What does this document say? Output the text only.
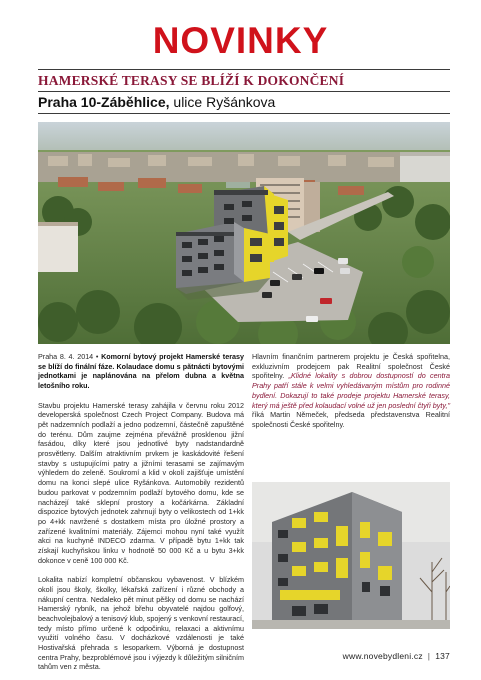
NOVINKY
HAMERSKÉ TERASY SE BLÍŽÍ K DOKONČENÍ
Praha 10-Záběhlice, ulice Ryšánkova

Praha 8. 4. 2014 • Komorní bytový projekt Hamerské terasy se blíží do finální fáze. Kolaudace domu s pătnácti bytovými jednotkami je naplánována na přelom dubna a května letošního roku.

Stavbu projektu Hamerské terasy zahájila v červnu roku 2012 developerská společnost Czech Project Company. Budova má pět nadzemních podlaží a jedno podzemní, částečně zapuštěné do terénu. Dům zaujme zejména převážně prosklenou jižní fasádou, díky které jsou jednotlivé byty nadstandardně prosvětleny. Dalším atraktivním prvkem je kaskádovité řešení stavby s ustupujícími patry a jižními terasami se zajímavým výhledem do zeleně. Soukromí a klid v okolí zajišťuje umístění domu na konci slepé ulice Ryšánkova. Automobily rezidentů budou parkovat v podzemním podlaží bytového domu, kde se nacházejí také sklepní prostory a kočárkárna. Základní dispozice bytových jednotek zahrnují byty o velikostech od 1+kk po 4+kk navržené s dostatkem místa pro úložné prostory a zařízené kvalitními materiály. Zájemci mohou nyní také využít akci na kuchyně INDECO zdarma. V případě bytu 1+kk tak získají kuchyňskou linku v hodnotě 50 000 Kč a u bytu 3+kk dokonce v ceně 100 000 Kč.

Lokalita nabízí kompletní občanskou vybavenost. V blízkém okolí jsou školy, školky, lékařská zařízení i různé obchody a nákupní centra. Nedaleko pět minut pěšky od domu se nachází Hamerský rybník, na jehož břehu obyvatelé najdou golfový, beachvolejbalový a tenisový klub, spojený s venkovní restaurací, tedy místo přímo určené k odpočinku, relaxaci a aktivnímu využití volného času. V docházkové vzdálenosti je také Hostivařská přehrada s lesoparkem. Výborná je dostupnost centra Prahy, bezproblémové jsou i výjezdy k důležitým silničním tahům ven z města.

Hlavním finančním partnerem projektu je Česká spořitelna, exkluzivním prodejcem pak Realitní společnost České spořitelny. „Klidné lokality s dobrou dostupností do centra Prahy patří stále k velmi vyhledávaným místům pro rodinné bydlení. Dokazují to také prodeje projektu Hamerské terasy, který má ještě před kolaudací volné už jen poslední čtyři byty," říká Martin Němeček, předseda představenstva Realitní společnosti České spořitelny.

www.novebydleni.cz | 137
